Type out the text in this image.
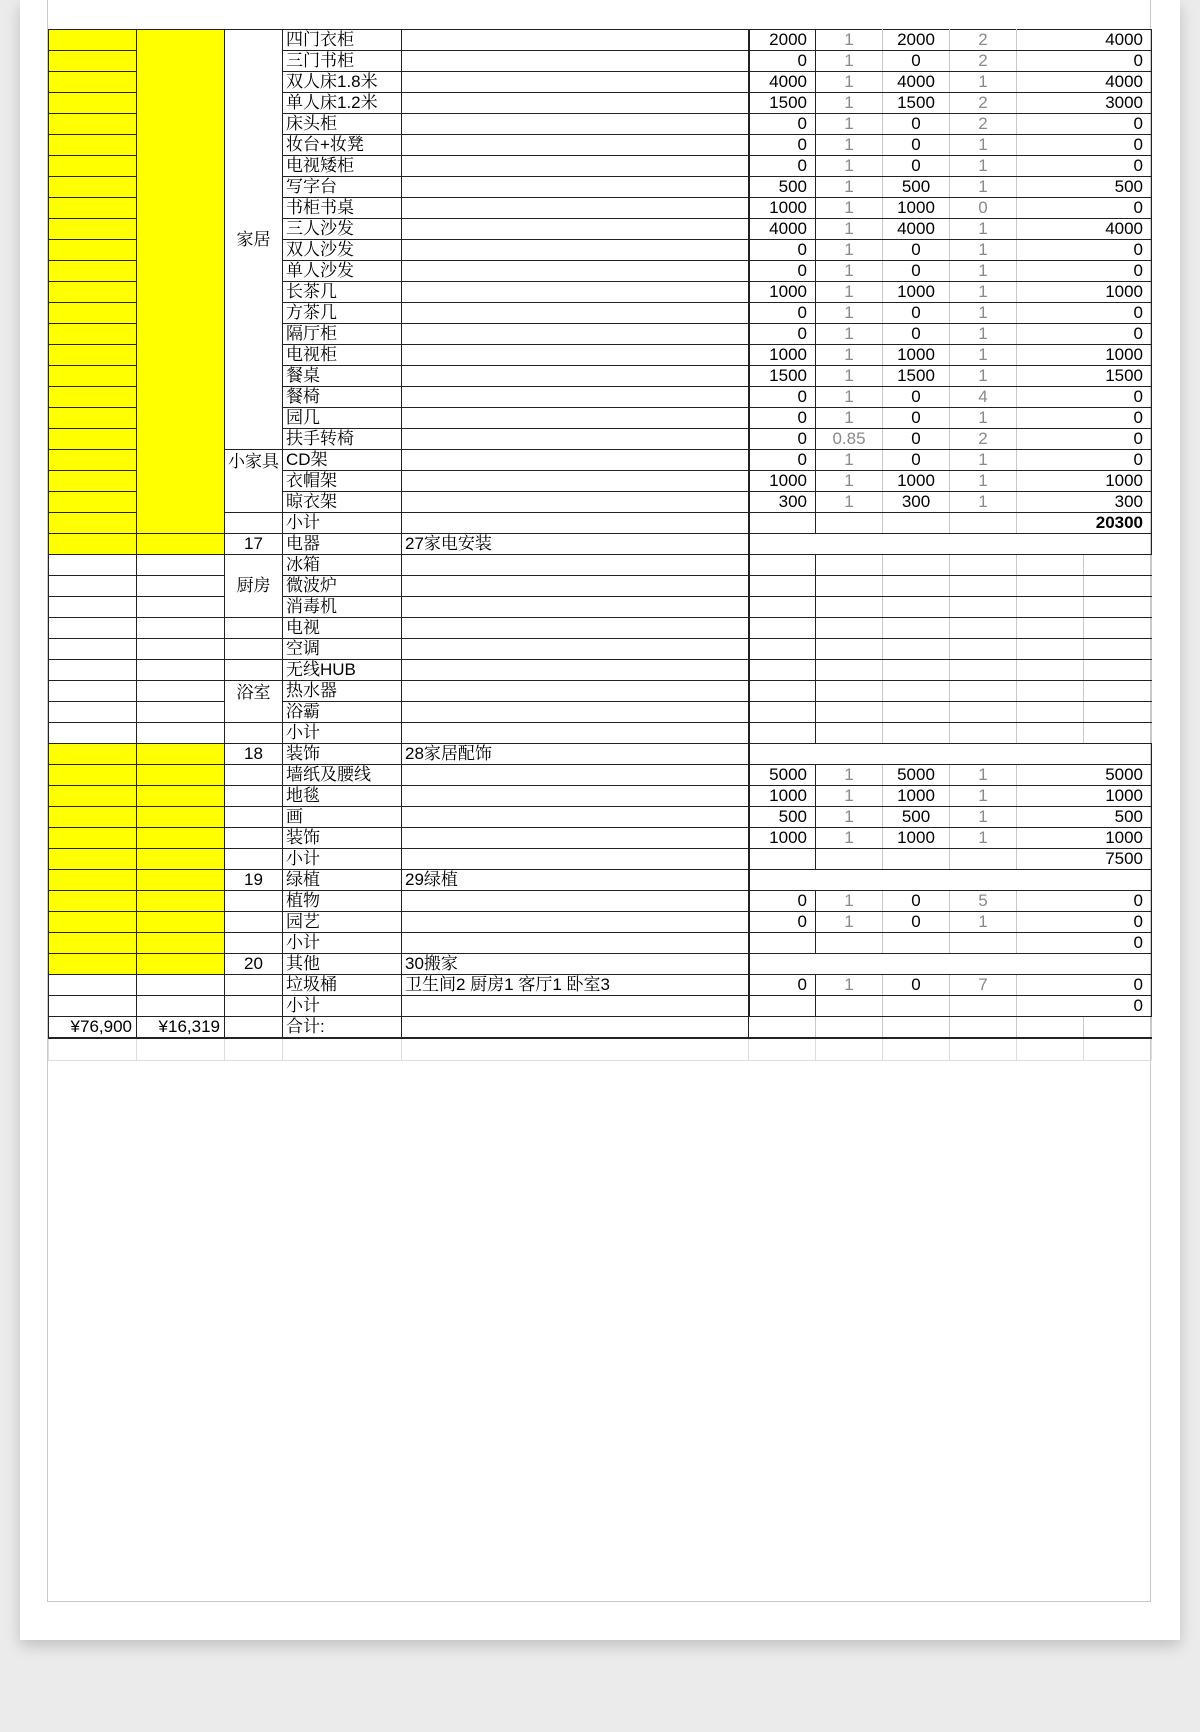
		家居	四门衣柜		2000	1	2000	2	4000	
			三门书柜		0	1	0	2	0	
			双人床1.8米		4000	1	4000	1	4000	
			单人床1.2米		1500	1	1500	2	3000	
			床头柜		0	1	0	2	0	
			妆台+妆凳		0	1	0	1	0	
			电视矮柜		0	1	0	1	0	
			写字台		500	1	500	1	500	
			书柜书桌		1000	1	1000	0	0	
			三人沙发		4000	1	4000	1	4000	
			双人沙发		0	1	0	1	0	
			单人沙发		0	1	0	1	0	
			长茶几		1000	1	1000	1	1000	
			方茶几		0	1	0	1	0	
			隔厅柜		0	1	0	1	0	
			电视柜		1000	1	1000	1	1000	
			餐桌		1500	1	1500	1	1500	
			餐椅		0	1	0	4	0	
			园几		0	1	0	1	0	
			扶手转椅		0	0.85	0	2	0	
		小家具	CD架		0	1	0	1	0	
			衣帽架		1000	1	1000	1	1000	
			晾衣架		300	1	300	1	300	
			小计						20300	
		17	电器	27家电安装						
		厨房	冰箱							
			微波炉							
			消毒机							
			电视							
			空调							
			无线HUB							
		浴室	热水器							
			浴霸							
			小计							
		18	装饰	28家居配饰						
			墙纸及腰线		5000	1	5000	1	5000	
			地毯		1000	1	1000	1	1000	
			画		500	1	500	1	500	
			装饰		1000	1	1000	1	1000	
			小计						7500	
		19	绿植	29绿植						
			植物		0	1	0	5	0	
			园艺		0	1	0	1	0	
			小计						0	
		20	其他	30搬家						
			垃圾桶	卫生间2 厨房1 客厅1 卧室3	0	1	0	7	0	
			小计						0	
¥76,900	¥16,319		合计:							
